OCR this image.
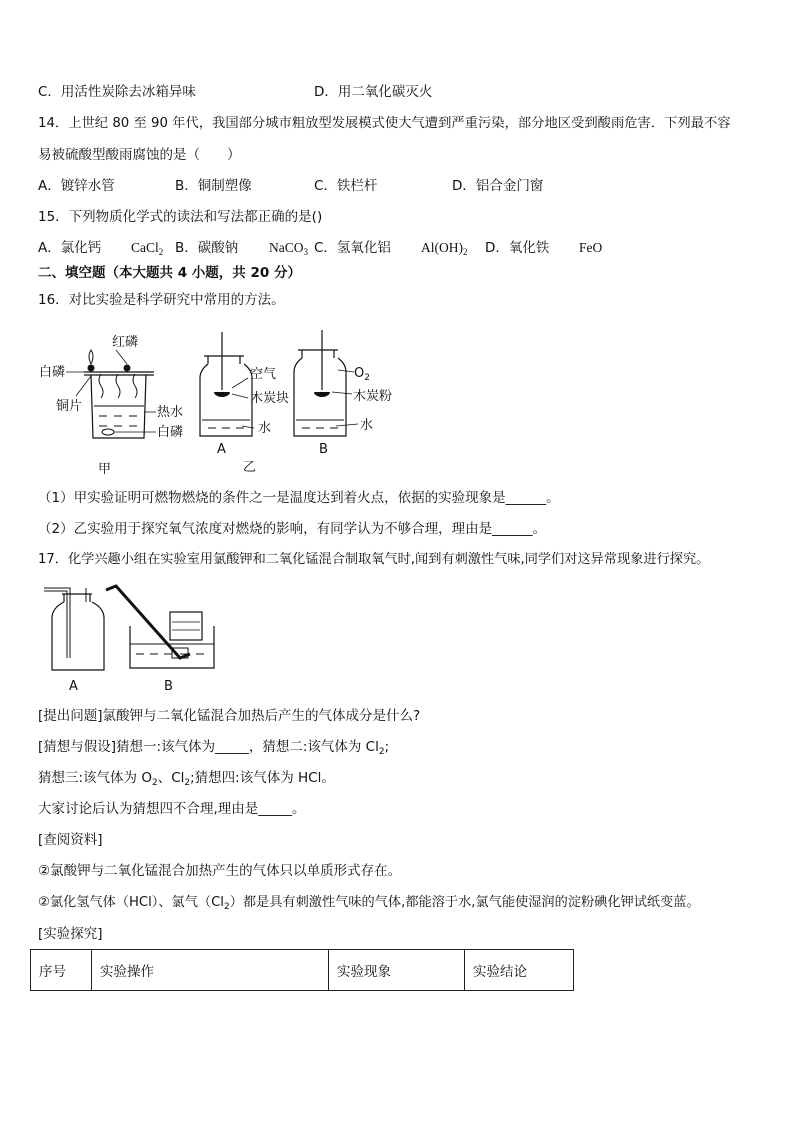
C．用活性炭除去冰箱异味	D．用二氧化碳灭火
14．上世纪 80 至 90 年代，我国部分城市粗放型发展模式使大气遭到严重污染，部分地区受到酸雨危害．下列最不容
易被硫酸型酸雨腐蚀的是（　　）
A．镀锌水管	B．铜制塑像	C．铁栏杆	D．铝合金门窗
15．下列物质化学式的读法和写法都正确的是()
A．氯化钙 CaCl$_2$ B．碳酸钠 NaCO$_3$ C．氢氧化铝 $Al(OH)_2$ D．氧化铁 FeO
二、填空题（本大题共 4 小题，共 20 分）
16．对比实验是科学研究中常用的方法。
红磷
白磷
铜片	热水
白磷
甲
空气
木炭块
水
A
乙
$O_2$
木炭粉
水
B
（1）甲实验证明可燃物燃烧的条件之一是温度达到着火点，依据的实验现象是______。
（2）乙实验用于探究氧气浓度对燃烧的影响，有同学认为不够合理，理由是______。
17．化学兴趣小组在实验室用氯酸钾和二氧化锰混合制取氧气时,闻到有刺激性气味,同学们对这异常现象进行探究。
A	B
[提出问题]氯酸钾与二氧化锰混合加热后产生的气体成分是什么?
[猜想与假设]猜想一:该气体为_____，猜想二:该气体为 $Cl_2$;
猜想三:该气体为 $O_2$、$Cl_2$;猜想四:该气体为 HCl。
大家讨论后认为猜想四不合理,理由是_____。
[查阅资料]
②氯酸钾与二氧化锰混合加热产生的气体只以单质形式存在。
②氯化氢气体（HCl）、氯气$(Cl_2)$都是具有刺激性气味的气体,都能溶于水,氯气能使湿润的淀粉碘化钾试纸变蓝。
[实验探究]
序号	实验操作	实验现象	实验结论
